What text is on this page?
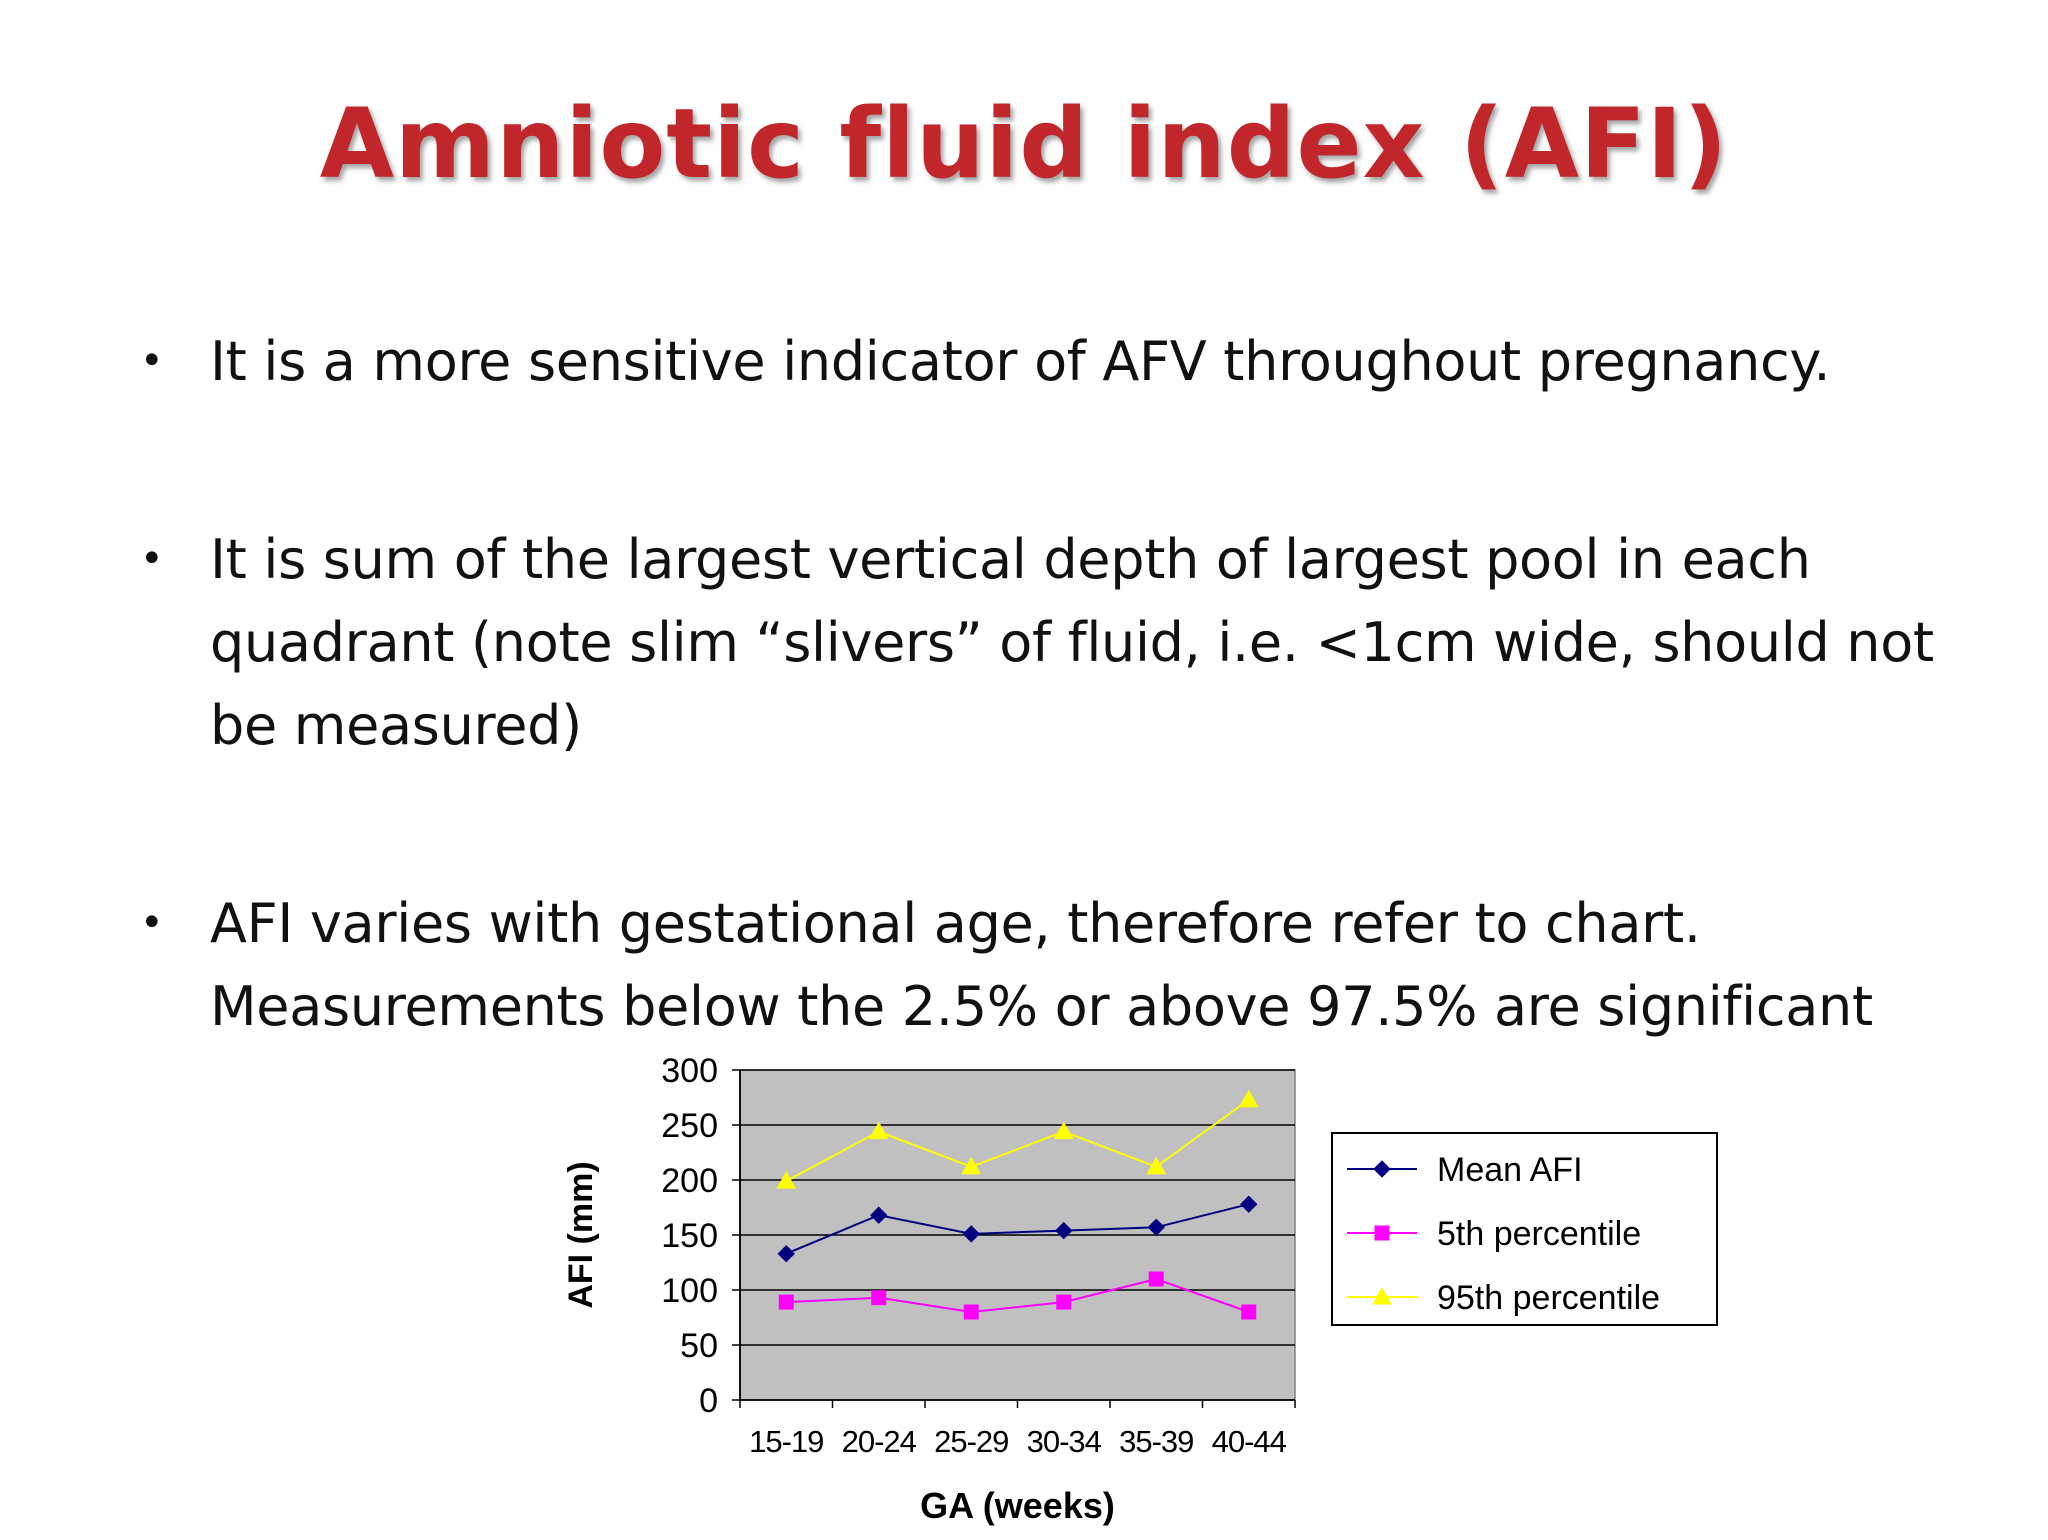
Amniotic fluid index (AFI)
• It is a more sensitive indicator of AFV throughout pregnancy.
• It is sum of the largest vertical depth of largest pool in each quadrant (note slim “slivers” of fluid, i.e. <1cm wide, should not be measured)
• AFI varies with gestational age, therefore refer to chart. Measurements below the 2.5% or above 97.5% are significant
0
50
100
150
200
250
300
15-19 20-24 25-29 30-34 35-39 40-44
AFI (mm)
GA (weeks)
Mean AFI
5th percentile
95th percentile
